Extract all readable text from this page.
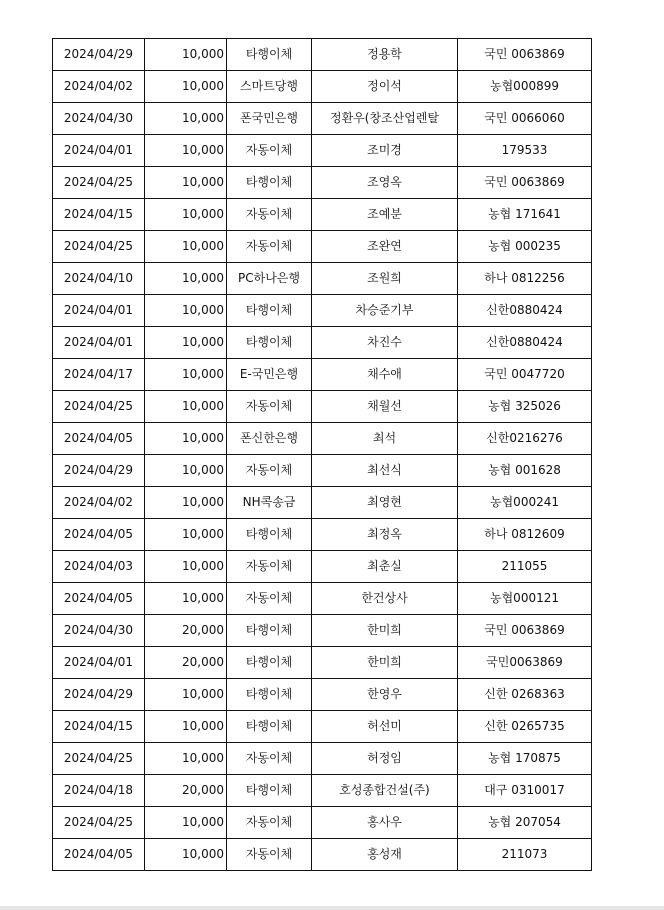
2024/04/29	10,000	타행이체	정용학	국민 0063869
2024/04/02	10,000	스마트당행	정이석	농협000899
2024/04/30	10,000	폰국민은행	정환우(창조산업렌탈	국민 0066060
2024/04/01	10,000	자동이체	조미경	179533
2024/04/25	10,000	타행이체	조영옥	국민 0063869
2024/04/15	10,000	자동이체	조예분	농협 171641
2024/04/25	10,000	자동이체	조완연	농협 000235
2024/04/10	10,000	PC하나은행	조원희	하나 0812256
2024/04/01	10,000	타행이체	차승준기부	신한0880424
2024/04/01	10,000	타행이체	차진수	신한0880424
2024/04/17	10,000	E-국민은행	채수애	국민 0047720
2024/04/25	10,000	자동이체	채월선	농협 325026
2024/04/05	10,000	폰신한은행	최석	신한0216276
2024/04/29	10,000	자동이체	최선식	농협 001628
2024/04/02	10,000	NH콕송금	최영현	농협000241
2024/04/05	10,000	타행이체	최정옥	하나 0812609
2024/04/03	10,000	자동이체	최춘실	211055
2024/04/05	10,000	자동이체	한건상사	농협000121
2024/04/30	20,000	타행이체	한미희	국민 0063869
2024/04/01	20,000	타행이체	한미희	국민0063869
2024/04/29	10,000	타행이체	한영우	신한 0268363
2024/04/15	10,000	타행이체	허선미	신한 0265735
2024/04/25	10,000	자동이체	허정임	농협 170875
2024/04/18	20,000	타행이체	호성종합건설(주)	대구 0310017
2024/04/25	10,000	자동이체	홍사우	농협 207054
2024/04/05	10,000	자동이체	홍성재	211073
